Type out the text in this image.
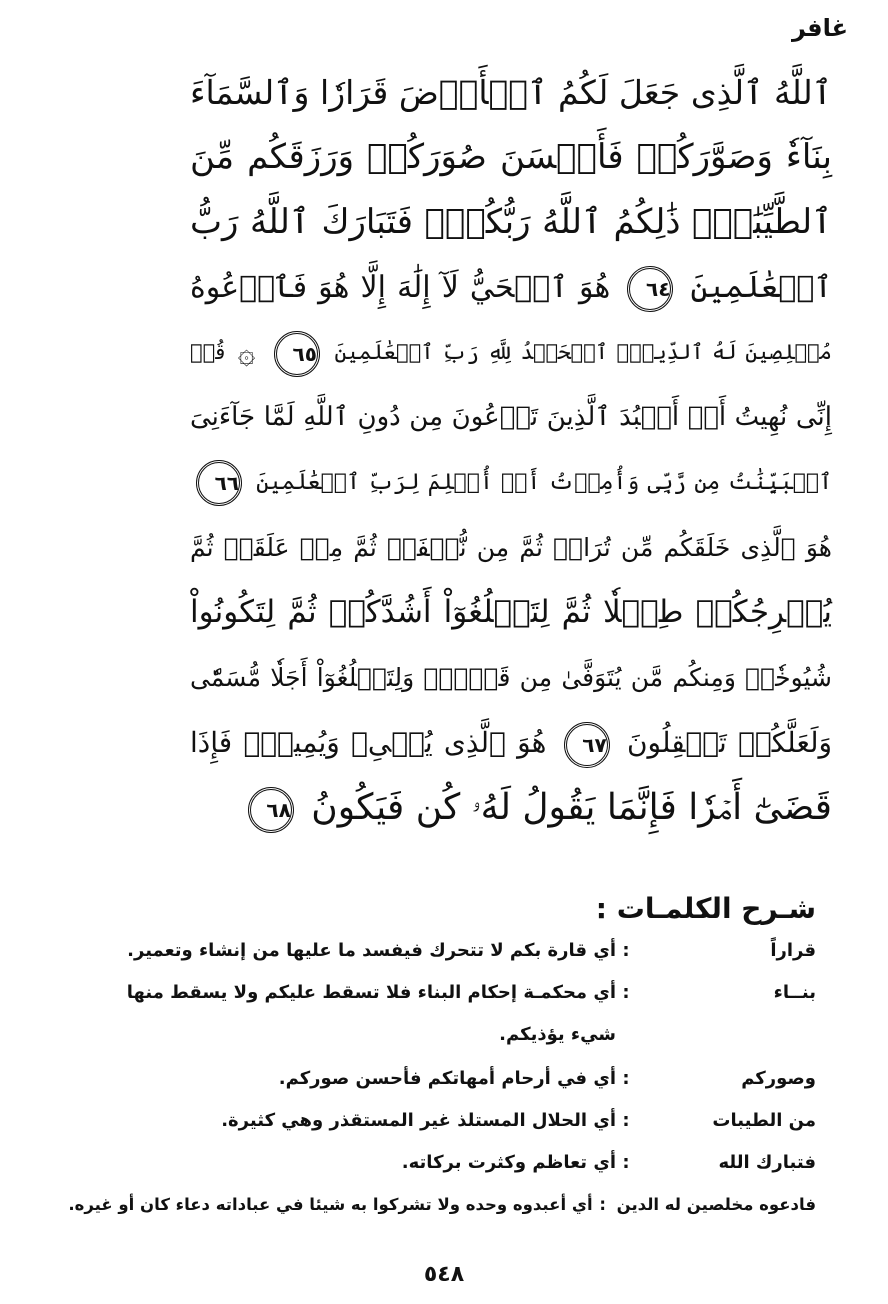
غافر
ٱللَّهُ ٱلَّذِى جَعَلَ لَكُمُ ٱلۡأَرۡضَ قَرَارٗا وَٱلسَّمَآءَ
بِنَآءٗ وَصَوَّرَكُمۡ فَأَحۡسَنَ صُوَرَكُمۡ وَرَزَقَكُم مِّنَ
ٱلطَّيِّبَٰتِۚ ذَٰلِكُمُ ٱللَّهُ رَبُّكُمۡۖ فَتَبَارَكَ ٱللَّهُ رَبُّ
ٱلۡعَٰلَمِينَ ٦٤ هُوَ ٱلۡحَيُّ لَآ إِلَٰهَ إِلَّا هُوَ فَٱدۡعُوهُ
مُخۡلِصِينَ لَهُ ٱلدِّينَۗ ٱلۡحَمۡدُ لِلَّهِ رَبِّ ٱلۡعَٰلَمِينَ ٦٥ ۞ قُلۡ
إِنِّى نُهِيتُ أَنۡ أَعۡبُدَ ٱلَّذِينَ تَدۡعُونَ مِن دُونِ ٱللَّهِ لَمَّا جَآءَنِىَ
ٱلۡبَيِّنَٰتُ مِن رَّبِّى وَأُمِرۡتُ أَنۡ أُسۡلِمَ لِرَبِّ ٱلۡعَٰلَمِينَ ٦٦
هُوَ ٱلَّذِى خَلَقَكُم مِّن تُرَابٖ ثُمَّ مِن نُّطۡفَةٖ ثُمَّ مِنۡ عَلَقَةٖ ثُمَّ
يُخۡرِجُكُمۡ طِفۡلٗا ثُمَّ لِتَبۡلُغُوٓاْ أَشُدَّكُمۡ ثُمَّ لِتَكُونُواْ
شُيُوخٗاۚ وَمِنكُم مَّن يُتَوَفَّىٰ مِن قَبۡلُۖ وَلِتَبۡلُغُوٓاْ أَجَلٗا مُّسَمّٗى
وَلَعَلَّكُمۡ تَعۡقِلُونَ ٦٧ هُوَ ٱلَّذِى يُحۡىِۦ وَيُمِيتُۖ فَإِذَا
قَضَىٰٓ أَمۡرٗا فَإِنَّمَا يَقُولُ لَهُۥ كُن فَيَكُونُ ٦٨
شـرح الكلمـات :
قراراً
:
أي قارة بكم لا تتحرك فيفسد ما عليها من إنشاء وتعمير.
بنــاء
:
أي محكمـة إحكام البناء فلا تسقط عليكم ولا يسقط منها
شيء يؤذيكم.
وصوركم
:
أي في أرحام أمهاتكم فأحسن صوركم.
من الطيبات
:
أي الحلال المستلذ غير المستقذر وهي كثيرة.
فتبارك الله
:
أي تعاظم وكثرت بركاته.
فادعوه مخلصين له الدين
:
أي أعبدوه وحده ولا تشركوا به شيئا في عباداته دعاء كان أو غيره.
٥٤٨
